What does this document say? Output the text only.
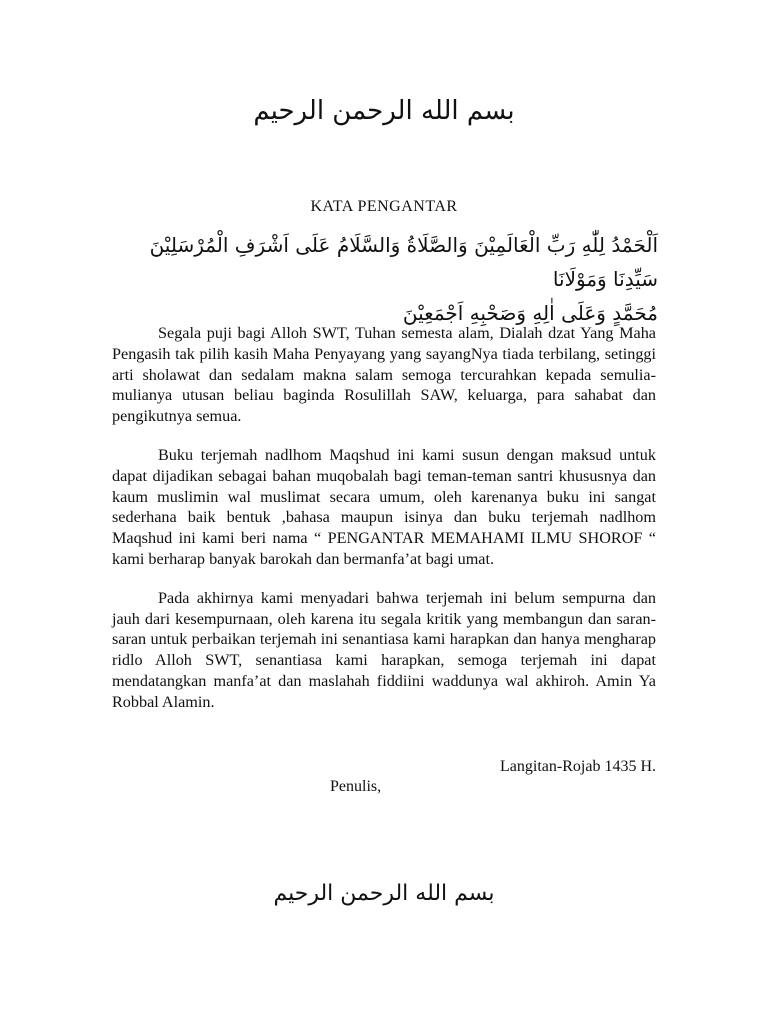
بسم الله الرحمن الرحيم
KATA PENGANTAR

اَلْحَمْدُ لِلّٰهِ رَبِّ الْعَالَمِيْنَ وَالصَّلَاةُ وَالسَّلَامُ عَلَى اَشْرَفِ الْمُرْسَلِيْنَ سَيِّدِنَا وَمَوْلَانَا

مُحَمَّدٍ وَعَلَى اٰلِهِ وَصَحْبِهِ اَجْمَعِيْنَ

Segala puji bagi Alloh SWT, Tuhan semesta alam, Dialah dzat Yang Maha Pengasih tak pilih kasih Maha Penyayang yang sayangNya tiada terbilang, setinggi arti sholawat dan sedalam makna salam semoga tercurahkan kepada semulia-mulianya utusan beliau baginda Rosulillah SAW, keluarga, para sahabat dan pengikutnya semua.

Buku terjemah nadlhom Maqshud ini kami susun dengan maksud untuk dapat dijadikan sebagai bahan muqobalah bagi teman-teman santri khususnya dan kaum muslimin wal muslimat secara umum, oleh karenanya buku ini sangat sederhana baik bentuk ,bahasa maupun isinya dan buku terjemah nadlhom Maqshud ini kami beri nama “ PENGANTAR MEMAHAMI ILMU SHOROF “ kami berharap banyak barokah dan bermanfa’at bagi umat.

Pada akhirnya kami menyadari bahwa terjemah ini belum sempurna dan jauh dari kesempurnaan, oleh karena itu segala kritik yang membangun dan saran-saran untuk perbaikan terjemah ini senantiasa kami harapkan dan hanya mengharap ridlo Alloh SWT, senantiasa kami harapkan, semoga terjemah ini dapat mendatangkan manfa’at dan maslahah fiddiini waddunya wal akhiroh. Amin Ya Robbal Alamin.

Langitan-Rojab 1435 H.
Penulis,
بسم الله الرحمن الرحيم
